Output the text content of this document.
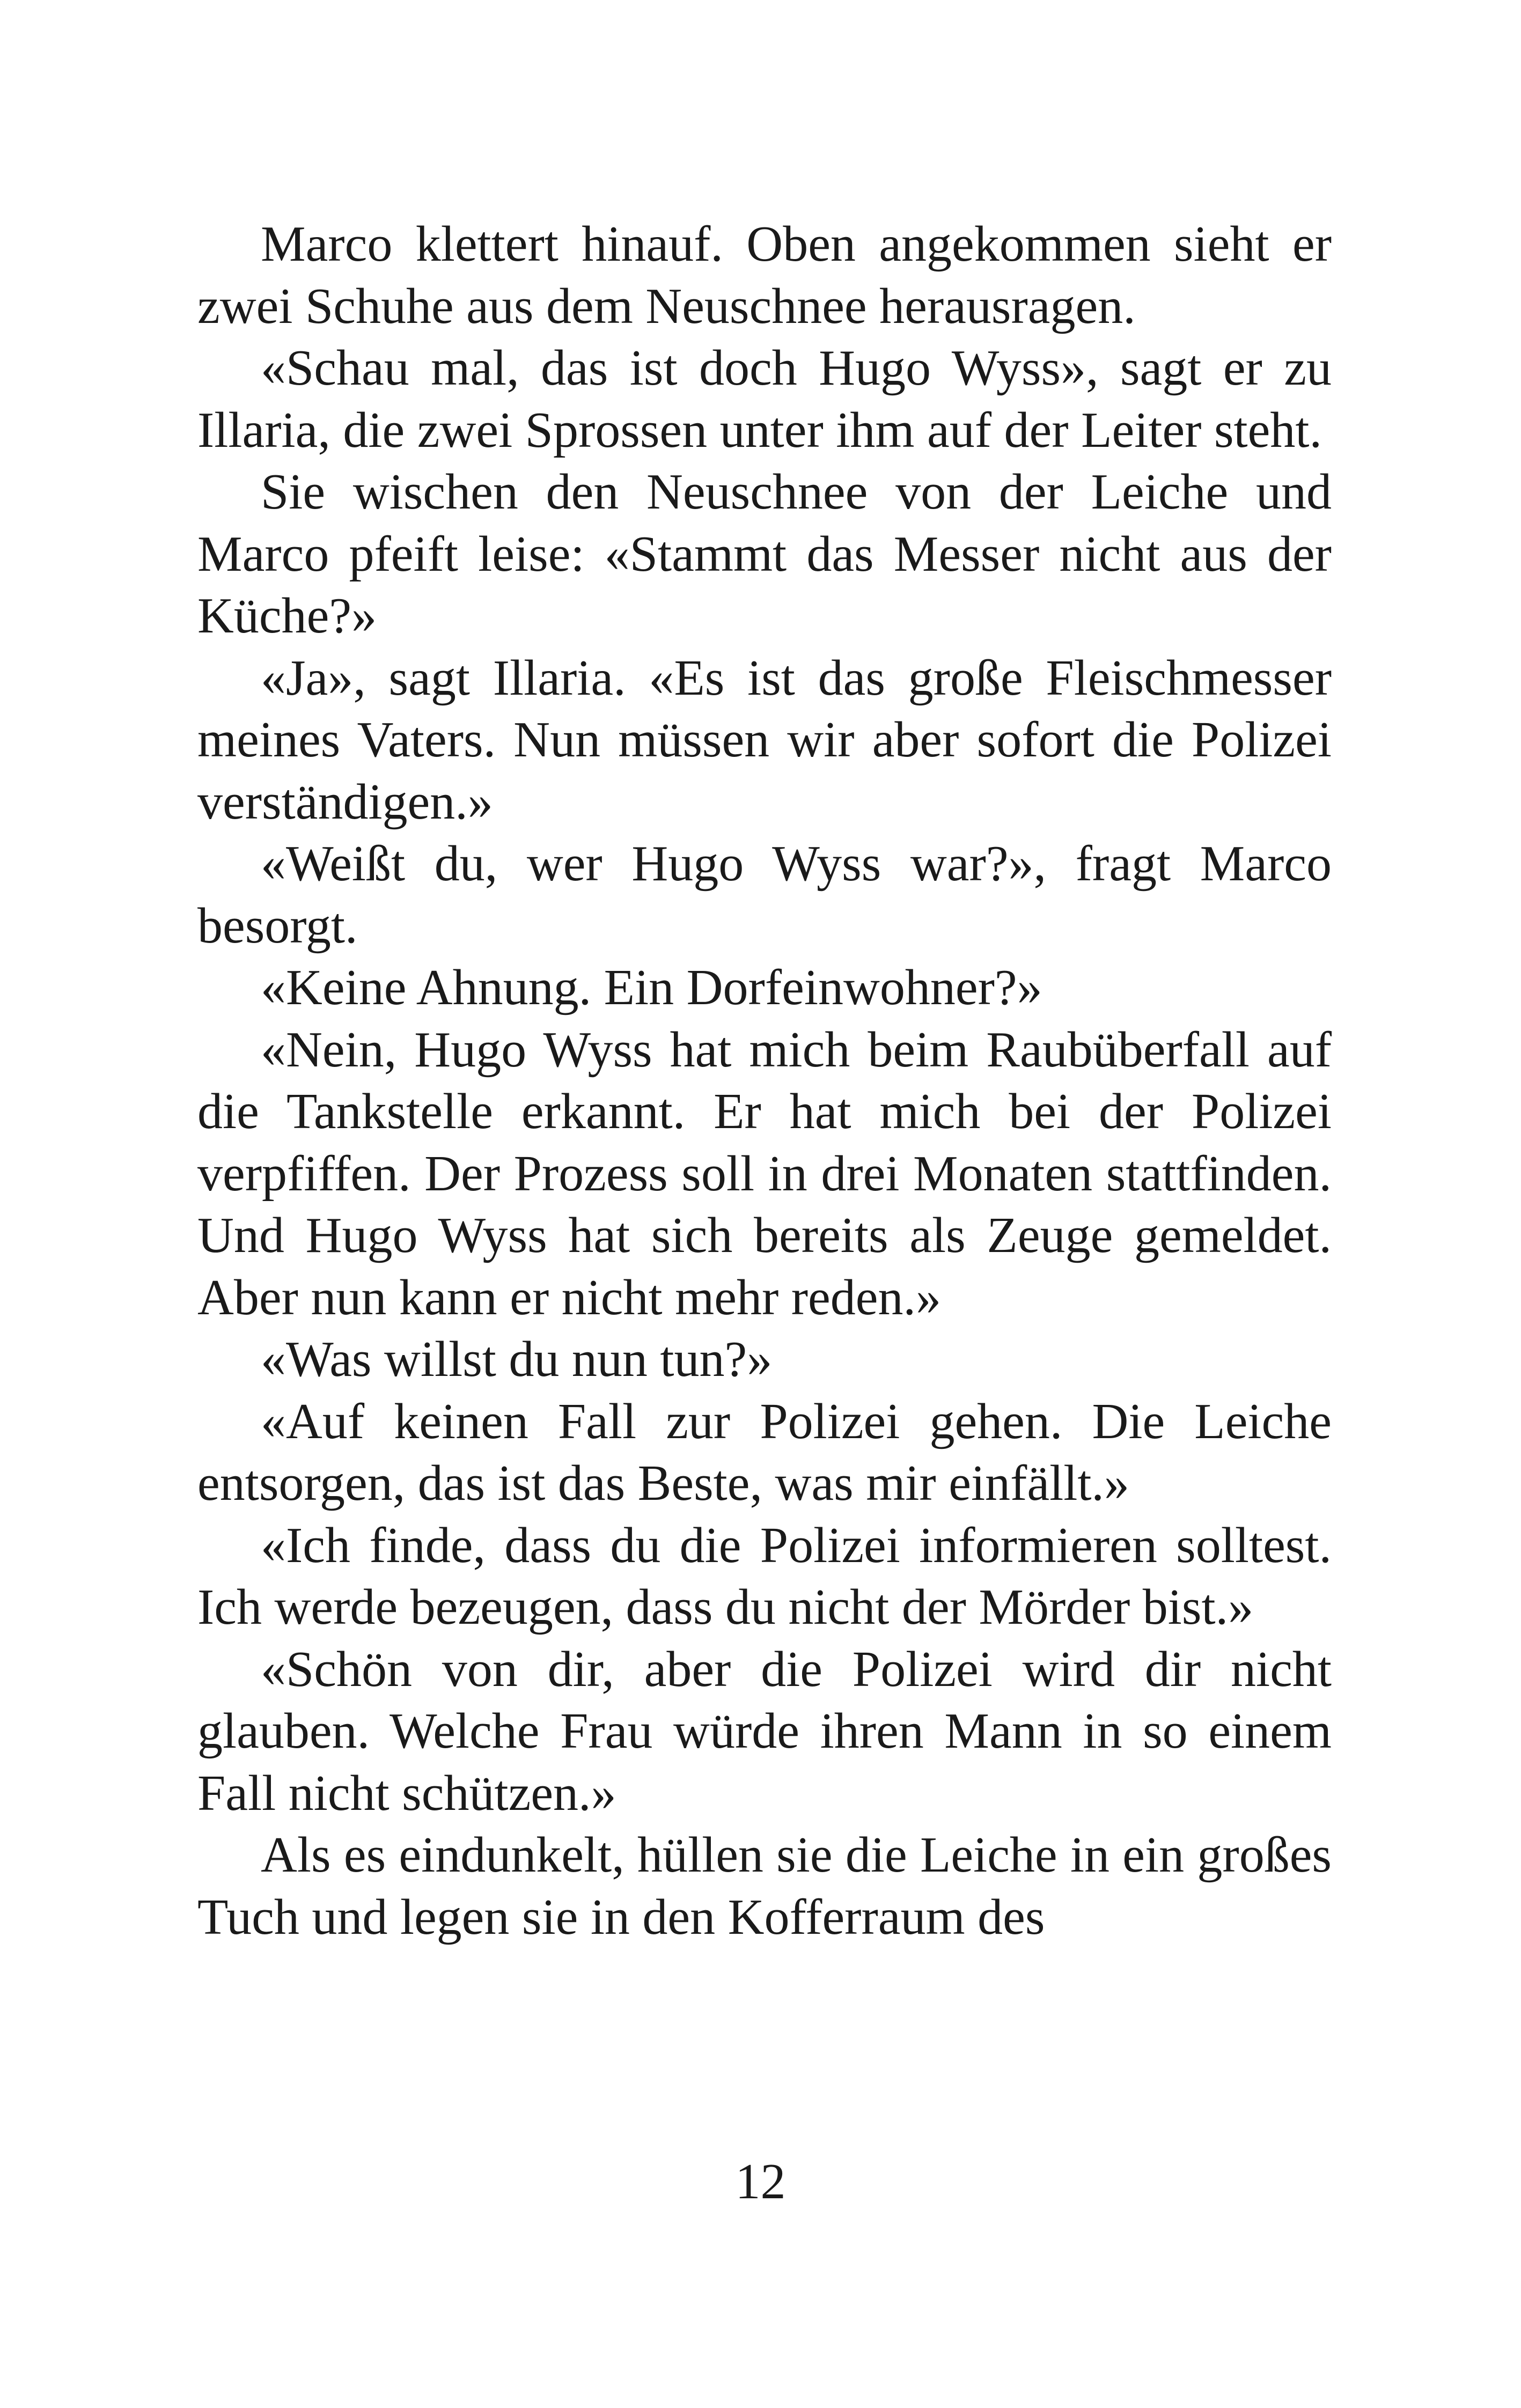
Marco klettert hinauf. Oben angekommen sieht er zwei Schuhe aus dem Neuschnee herausragen.

«Schau mal, das ist doch Hugo Wyss», sagt er zu Illaria, die zwei Sprossen unter ihm auf der Leiter steht.

Sie wischen den Neuschnee von der Leiche und Marco pfeift leise: «Stammt das Messer nicht aus der Küche?»

«Ja», sagt Illaria. «Es ist das große Fleischmesser meines Vaters. Nun müssen wir aber sofort die Polizei verständigen.»

«Weißt du, wer Hugo Wyss war?», fragt Marco besorgt.

«Keine Ahnung. Ein Dorfeinwohner?»

«Nein, Hugo Wyss hat mich beim Raubüberfall auf die Tankstelle erkannt. Er hat mich bei der Polizei verpfiffen. Der Prozess soll in drei Monaten stattfinden. Und Hugo Wyss hat sich bereits als Zeuge gemeldet. Aber nun kann er nicht mehr reden.»

«Was willst du nun tun?»

«Auf keinen Fall zur Polizei gehen. Die Leiche entsorgen, das ist das Beste, was mir einfällt.»

«Ich finde, dass du die Polizei informieren solltest. Ich werde bezeugen, dass du nicht der Mörder bist.»

«Schön von dir, aber die Polizei wird dir nicht glauben. Welche Frau würde ihren Mann in so einem Fall nicht schützen.»

Als es eindunkelt, hüllen sie die Leiche in ein großes Tuch und legen sie in den Kofferraum des

12
